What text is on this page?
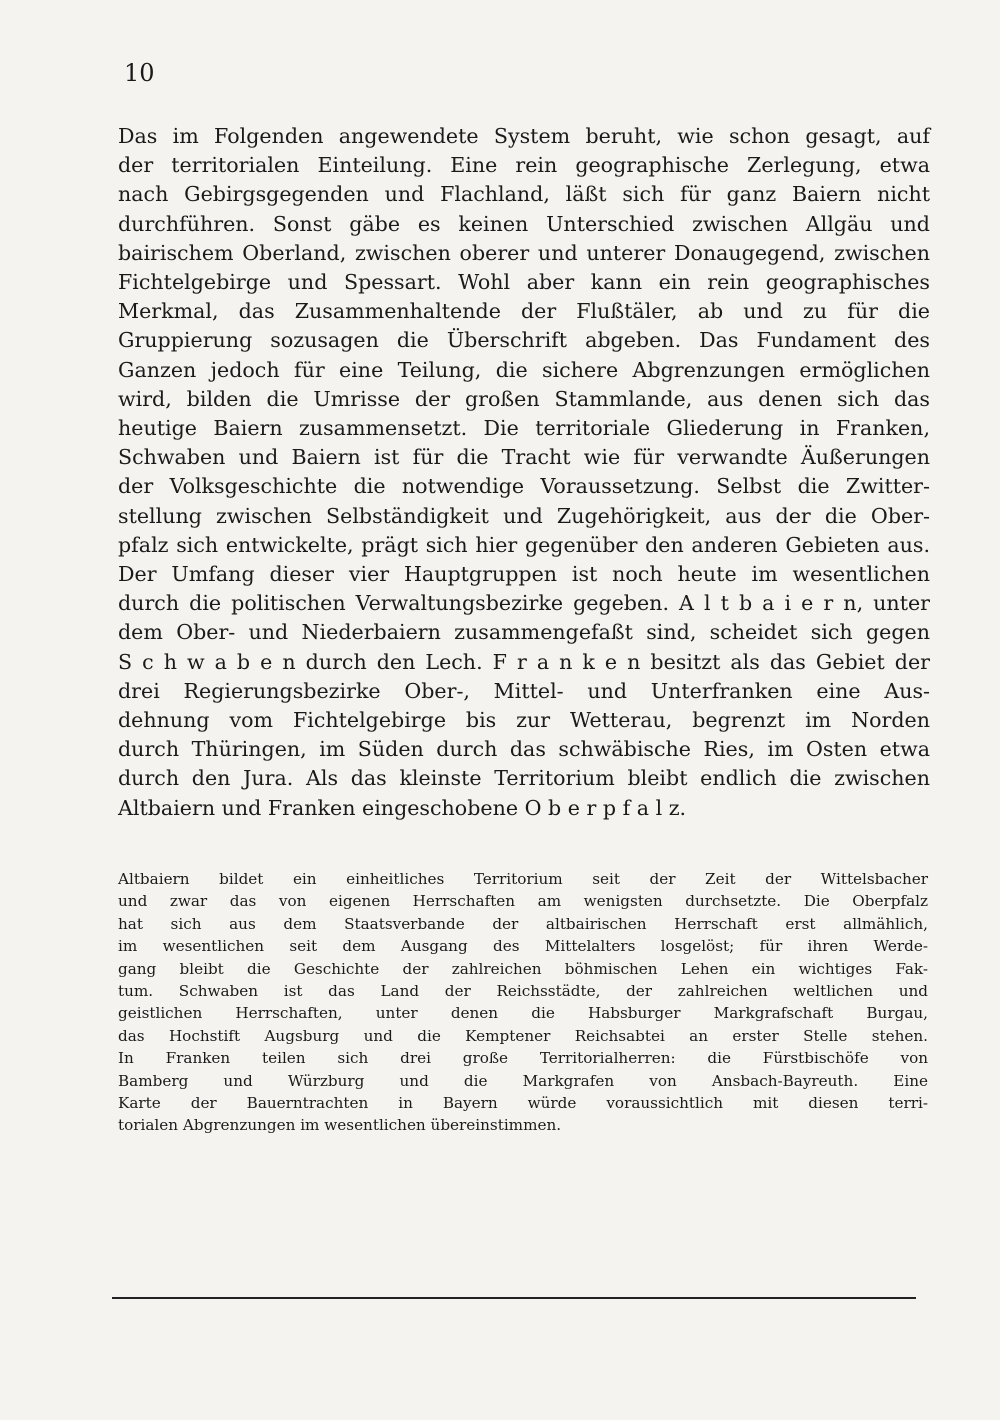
10
Das im Folgenden angewendete System beruht, wie schon gesagt, auf
der territorialen Einteilung. Eine rein geographische Zerlegung, etwa
nach Gebirgsgegenden und Flachland, läßt sich für ganz Baiern nicht
durchführen. Sonst gäbe es keinen Unterschied zwischen Allgäu und
bairischem Oberland, zwischen oberer und unterer Donaugegend, zwischen
Fichtelgebirge und Spessart. Wohl aber kann ein rein geographisches
Merkmal, das Zusammenhaltende der Flußtäler, ab und zu für die
Gruppierung sozusagen die Überschrift abgeben. Das Fundament des
Ganzen jedoch für eine Teilung, die sichere Abgrenzungen ermöglichen
wird, bilden die Umrisse der großen Stammlande, aus denen sich das
heutige Baiern zusammensetzt. Die territoriale Gliederung in Franken,
Schwaben und Baiern ist für die Tracht wie für verwandte Äußerungen
der Volksgeschichte die notwendige Voraussetzung. Selbst die Zwitter-
stellung zwischen Selbständigkeit und Zugehörigkeit, aus der die Ober-
pfalz sich entwickelte, prägt sich hier gegenüber den anderen Gebieten aus.
Der Umfang dieser vier Hauptgruppen ist noch heute im wesentlichen
durch die politischen Verwaltungsbezirke gegeben. A l t b a i e r n, unter
dem Ober- und Niederbaiern zusammengefaßt sind, scheidet sich gegen
S c h w a b e n durch den Lech. F r a n k e n besitzt als das Gebiet der
drei Regierungsbezirke Ober-, Mittel- und Unterfranken eine Aus-
dehnung vom Fichtelgebirge bis zur Wetterau, begrenzt im Norden
durch Thüringen, im Süden durch das schwäbische Ries, im Osten etwa
durch den Jura. Als das kleinste Territorium bleibt endlich die zwischen
Altbaiern und Franken eingeschobene O b e r p f a l z.
Altbaiern bildet ein einheitliches Territorium seit der Zeit der Wittelsbacher
und zwar das von eigenen Herrschaften am wenigsten durchsetzte. Die Oberpfalz
hat sich aus dem Staatsverbande der altbairischen Herrschaft erst allmählich,
im wesentlichen seit dem Ausgang des Mittelalters losgelöst; für ihren Werde-
gang bleibt die Geschichte der zahlreichen böhmischen Lehen ein wichtiges Fak-
tum. Schwaben ist das Land der Reichsstädte, der zahlreichen weltlichen und
geistlichen Herrschaften, unter denen die Habsburger Markgrafschaft Burgau,
das Hochstift Augsburg und die Kemptener Reichsabtei an erster Stelle stehen.
In Franken teilen sich drei große Territorialherren: die Fürstbischöfe von
Bamberg und Würzburg und die Markgrafen von Ansbach-Bayreuth. Eine
Karte der Bauerntrachten in Bayern würde voraussichtlich mit diesen terri-
torialen Abgrenzungen im wesentlichen übereinstimmen.
